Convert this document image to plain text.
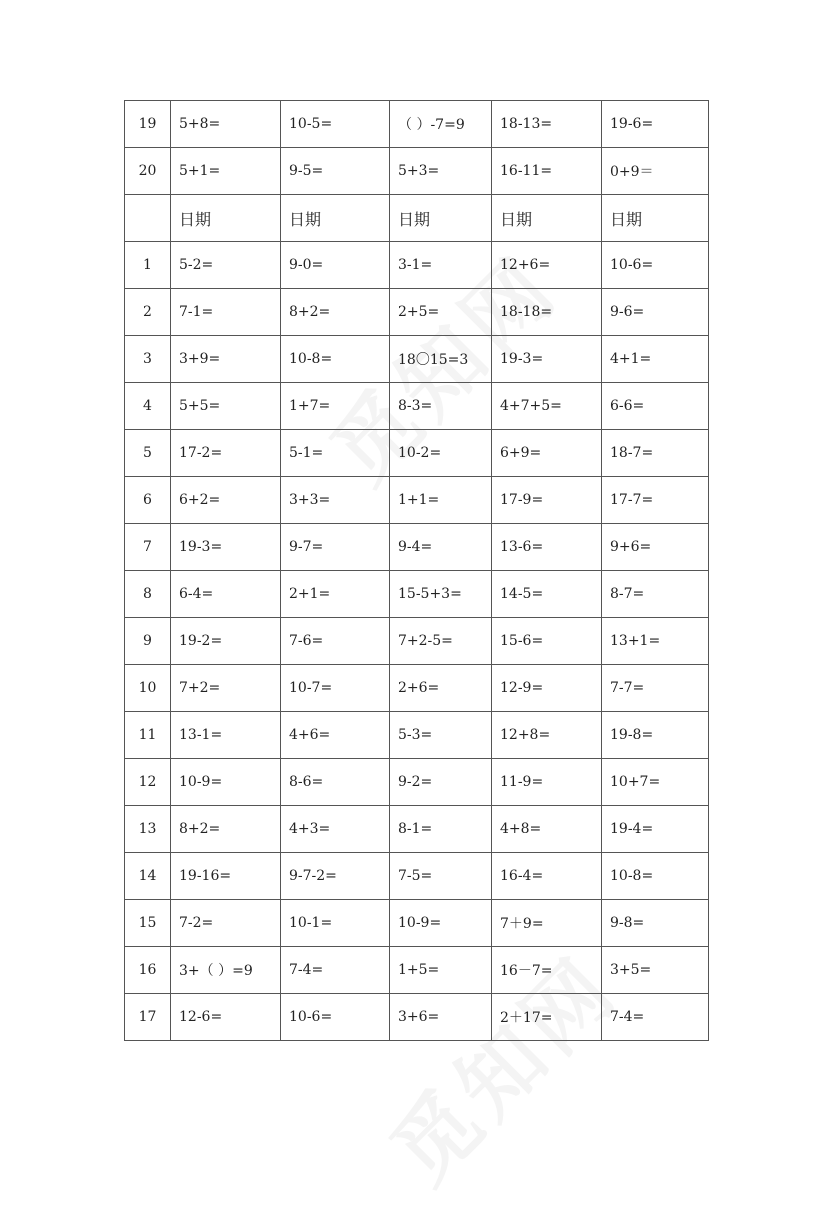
19	5+8=	10-5=	（ ）-7=9	18-13=	19-6=
20	5+1=	9-5=	5+3=	16-11=	0+9＝
	日期	日期	日期	日期	日期
1	5-2=	9-0=	3-1=	12+6=	10-6=
2	7-1=	8+2=	2+5=	18-18=	9-6=
3	3+9=	10-8=	18〇15=3	19-3=	4+1=
4	5+5=	1+7=	8-3=	4+7+5=	6-6=
5	17-2=	5-1=	10-2=	6+9=	18-7=
6	6+2=	3+3=	1+1=	17-9=	17-7=
7	19-3=	9-7=	9-4=	13-6=	9+6=
8	6-4=	2+1=	15-5+3=	14-5=	8-7=
9	19-2=	7-6=	7+2-5=	15-6=	13+1=
10	7+2=	10-7=	2+6=	12-9=	7-7=
11	13-1=	4+6=	5-3=	12+8=	19-8=
12	10-9=	8-6=	9-2=	11-9=	10+7=
13	8+2=	4+3=	8-1=	4+8=	19-4=
14	19-16=	9-7-2=	7-5=	16-4=	10-8=
15	7-2=	10-1=	10-9=	7＋9=	9-8=
16	3+（ ）=9	7-4=	1+5=	16－7=	3+5=
17	12-6=	10-6=	3+6=	2＋17=	7-4=
